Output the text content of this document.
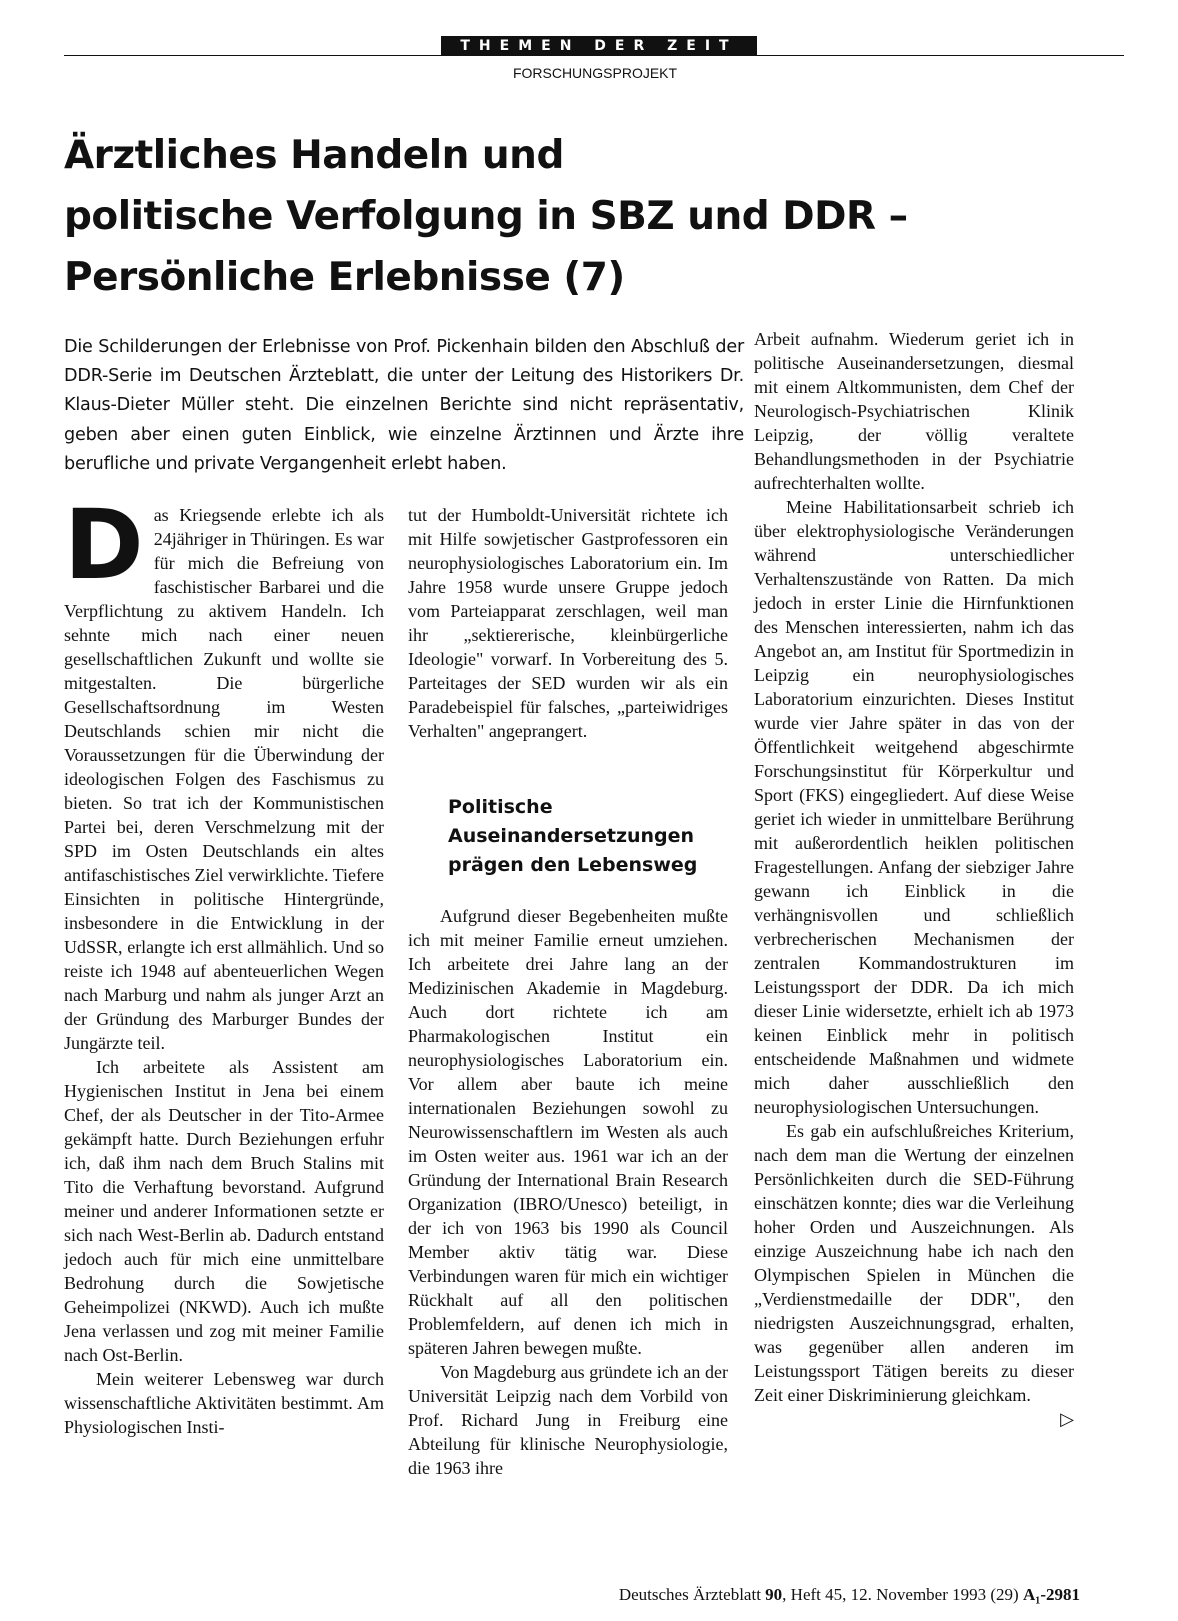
THEMEN DER ZEIT
FORSCHUNGSPROJEKT
Ärztliches Handeln und
politische Verfolgung in SBZ und DDR –
Persönliche Erlebnisse (7)

Die Schilderungen der Erlebnisse von Prof. Pickenhain bilden den Abschluß der DDR-Serie im Deutschen Ärzteblatt, die unter der Leitung des Historikers Dr. Klaus-Dieter Müller steht. Die einzelnen Berichte sind nicht repräsentativ, geben aber einen guten Einblick, wie einzelne Ärztinnen und Ärzte ihre berufliche und private Vergangenheit erlebt haben.

Das Kriegsende erlebte ich als 24jähriger in Thüringen. Es war für mich die Befreiung von faschistischer Barbarei und die Verpflichtung zu aktivem Handeln. Ich sehnte mich nach einer neuen gesellschaftlichen Zukunft und wollte sie mitgestalten. Die bürgerliche Gesellschaftsordnung im Westen Deutschlands schien mir nicht die Voraussetzungen für die Überwindung der ideologischen Folgen des Faschismus zu bieten. So trat ich der Kommunistischen Partei bei, deren Verschmelzung mit der SPD im Osten Deutschlands ein altes antifaschistisches Ziel verwirklichte. Tiefere Einsichten in politische Hintergründe, insbesondere in die Entwicklung in der UdSSR, erlangte ich erst allmählich. Und so reiste ich 1948 auf abenteuerlichen Wegen nach Marburg und nahm als junger Arzt an der Gründung des Marburger Bundes der Jungärzte teil.

Ich arbeitete als Assistent am Hygienischen Institut in Jena bei einem Chef, der als Deutscher in der Tito-Armee gekämpft hatte. Durch Beziehungen erfuhr ich, daß ihm nach dem Bruch Stalins mit Tito die Verhaftung bevorstand. Aufgrund meiner und anderer Informationen setzte er sich nach West-Berlin ab. Dadurch entstand jedoch auch für mich eine unmittelbare Bedrohung durch die Sowjetische Geheimpolizei (NKWD). Auch ich mußte Jena verlassen und zog mit meiner Familie nach Ost-Berlin.

Mein weiterer Lebensweg war durch wissenschaftliche Aktivitäten bestimmt. Am Physiologischen Insti-

tut der Humboldt-Universität richtete ich mit Hilfe sowjetischer Gastprofessoren ein neurophysiologisches Laboratorium ein. Im Jahre 1958 wurde unsere Gruppe jedoch vom Parteiapparat zerschlagen, weil man ihr „sektiererische, kleinbürgerliche Ideologie" vorwarf. In Vorbereitung des 5. Parteitages der SED wurden wir als ein Paradebeispiel für falsches, „parteiwidriges Verhalten" angeprangert.

Politische
Auseinandersetzungen
prägen den Lebensweg

Aufgrund dieser Begebenheiten mußte ich mit meiner Familie erneut umziehen. Ich arbeitete drei Jahre lang an der Medizinischen Akademie in Magdeburg. Auch dort richtete ich am Pharmakologischen Institut ein neurophysiologisches Laboratorium ein. Vor allem aber baute ich meine internationalen Beziehungen sowohl zu Neurowissenschaftlern im Westen als auch im Osten weiter aus. 1961 war ich an der Gründung der International Brain Research Organization (IBRO/Unesco) beteiligt, in der ich von 1963 bis 1990 als Council Member aktiv tätig war. Diese Verbindungen waren für mich ein wichtiger Rückhalt auf all den politischen Problemfeldern, auf denen ich mich in späteren Jahren bewegen mußte.

Von Magdeburg aus gründete ich an der Universität Leipzig nach dem Vorbild von Prof. Richard Jung in Freiburg eine Abteilung für klinische Neurophysiologie, die 1963 ihre

Arbeit aufnahm. Wiederum geriet ich in politische Auseinandersetzungen, diesmal mit einem Altkommunisten, dem Chef der Neurologisch-Psychiatrischen Klinik Leipzig, der völlig veraltete Behandlungsmethoden in der Psychiatrie aufrechterhalten wollte.

Meine Habilitationsarbeit schrieb ich über elektrophysiologische Veränderungen während unterschiedlicher Verhaltenszustände von Ratten. Da mich jedoch in erster Linie die Hirnfunktionen des Menschen interessierten, nahm ich das Angebot an, am Institut für Sportmedizin in Leipzig ein neurophysiologisches Laboratorium einzurichten. Dieses Institut wurde vier Jahre später in das von der Öffentlichkeit weitgehend abgeschirmte Forschungsinstitut für Körperkultur und Sport (FKS) eingegliedert. Auf diese Weise geriet ich wieder in unmittelbare Berührung mit außerordentlich heiklen politischen Fragestellungen. Anfang der siebziger Jahre gewann ich Einblick in die verhängnisvollen und schließlich verbrecherischen Mechanismen der zentralen Kommandostrukturen im Leistungssport der DDR. Da ich mich dieser Linie widersetzte, erhielt ich ab 1973 keinen Einblick mehr in politisch entscheidende Maßnahmen und widmete mich daher ausschließlich den neurophysiologischen Untersuchungen.

Es gab ein aufschlußreiches Kriterium, nach dem man die Wertung der einzelnen Persönlichkeiten durch die SED-Führung einschätzen konnte; dies war die Verleihung hoher Orden und Auszeichnungen. Als einzige Auszeichnung habe ich nach den Olympischen Spielen in München die „Verdienstmedaille der DDR", den niedrigsten Auszeichnungsgrad, erhalten, was gegenüber allen anderen im Leistungssport Tätigen bereits zu dieser Zeit einer Diskriminierung gleichkam.
▷

Deutsches Ärzteblatt 90, Heft 45, 12. November 1993 (29) A₁-2981
